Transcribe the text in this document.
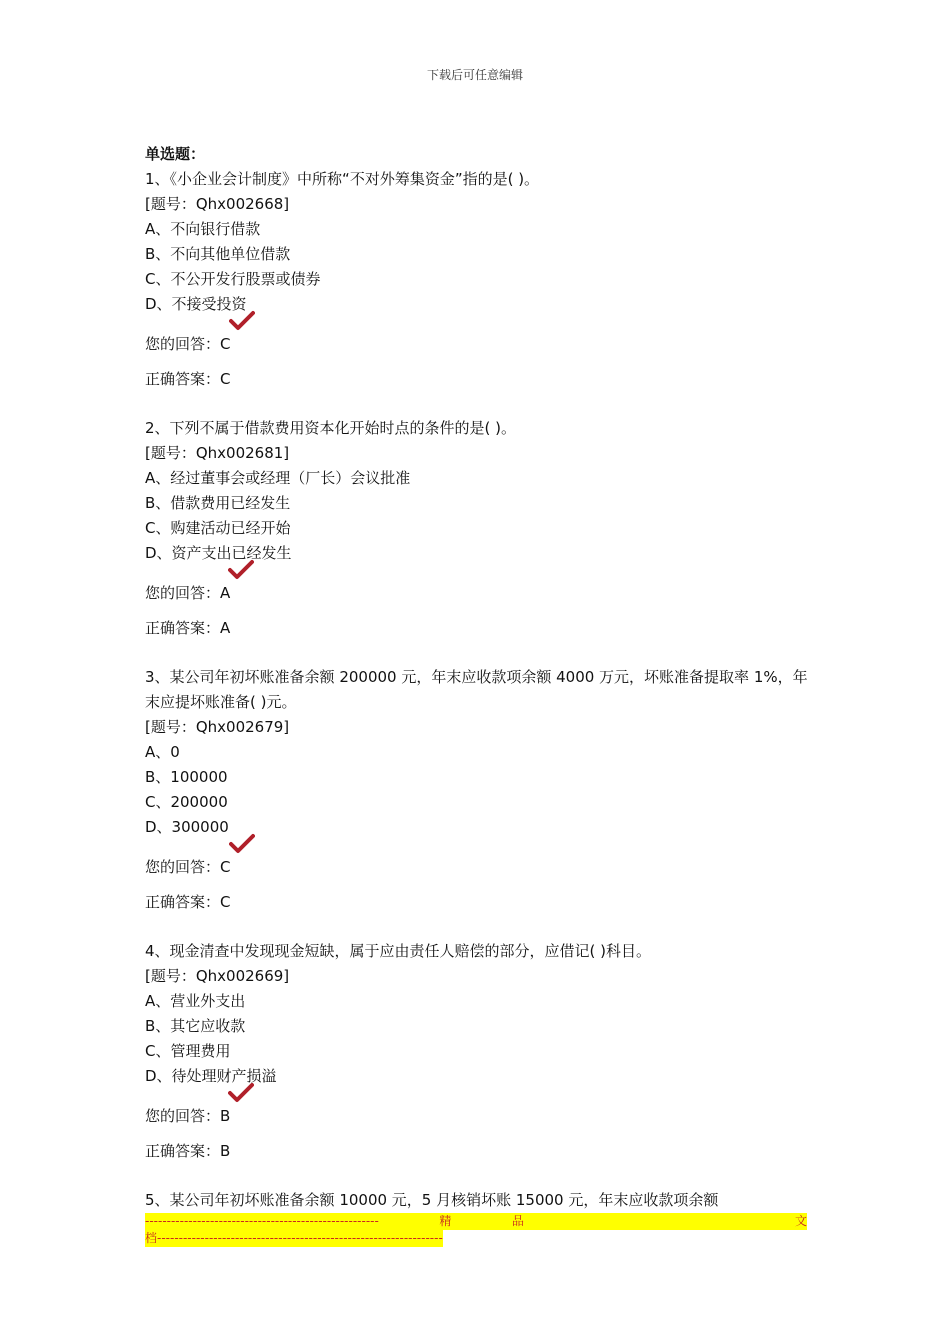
下载后可任意编辑
单选题：
1、《小企业会计制度》中所称“不对外筹集资金”指的是( )。
[题号：Qhx002668]
A、不向银行借款
B、不向其他单位借款
C、不公开发行股票或债券
D、不接受投资
您的回答：C
正确答案：C
2、下列不属于借款费用资本化开始时点的条件的是( )。
[题号：Qhx002681]
A、经过董事会或经理（厂长）会议批准
B、借款费用已经发生
C、购建活动已经开始
D、资产支出已经发生
您的回答：A
正确答案：A
3、某公司年初坏账准备余额 200000 元，年末应收款项余额 4000 万元，坏账准备提取率 1%，年末应提坏账准备( )元。
[题号：Qhx002679]
A、0
B、100000
C、200000
D、300000
您的回答：C
正确答案：C
4、现金清查中发现现金短缺，属于应由责任人赔偿的部分，应借记( )科目。
[题号：Qhx002669]
A、营业外支出
B、其它应收款
C、管理费用
D、待处理财产损溢
您的回答：B
正确答案：B
5、某公司年初坏账准备余额 10000 元，5 月核销坏账 15000 元，年末应收款项余额
------------------------------------------------------	精	品	文
档------------------------------------------------------------------
